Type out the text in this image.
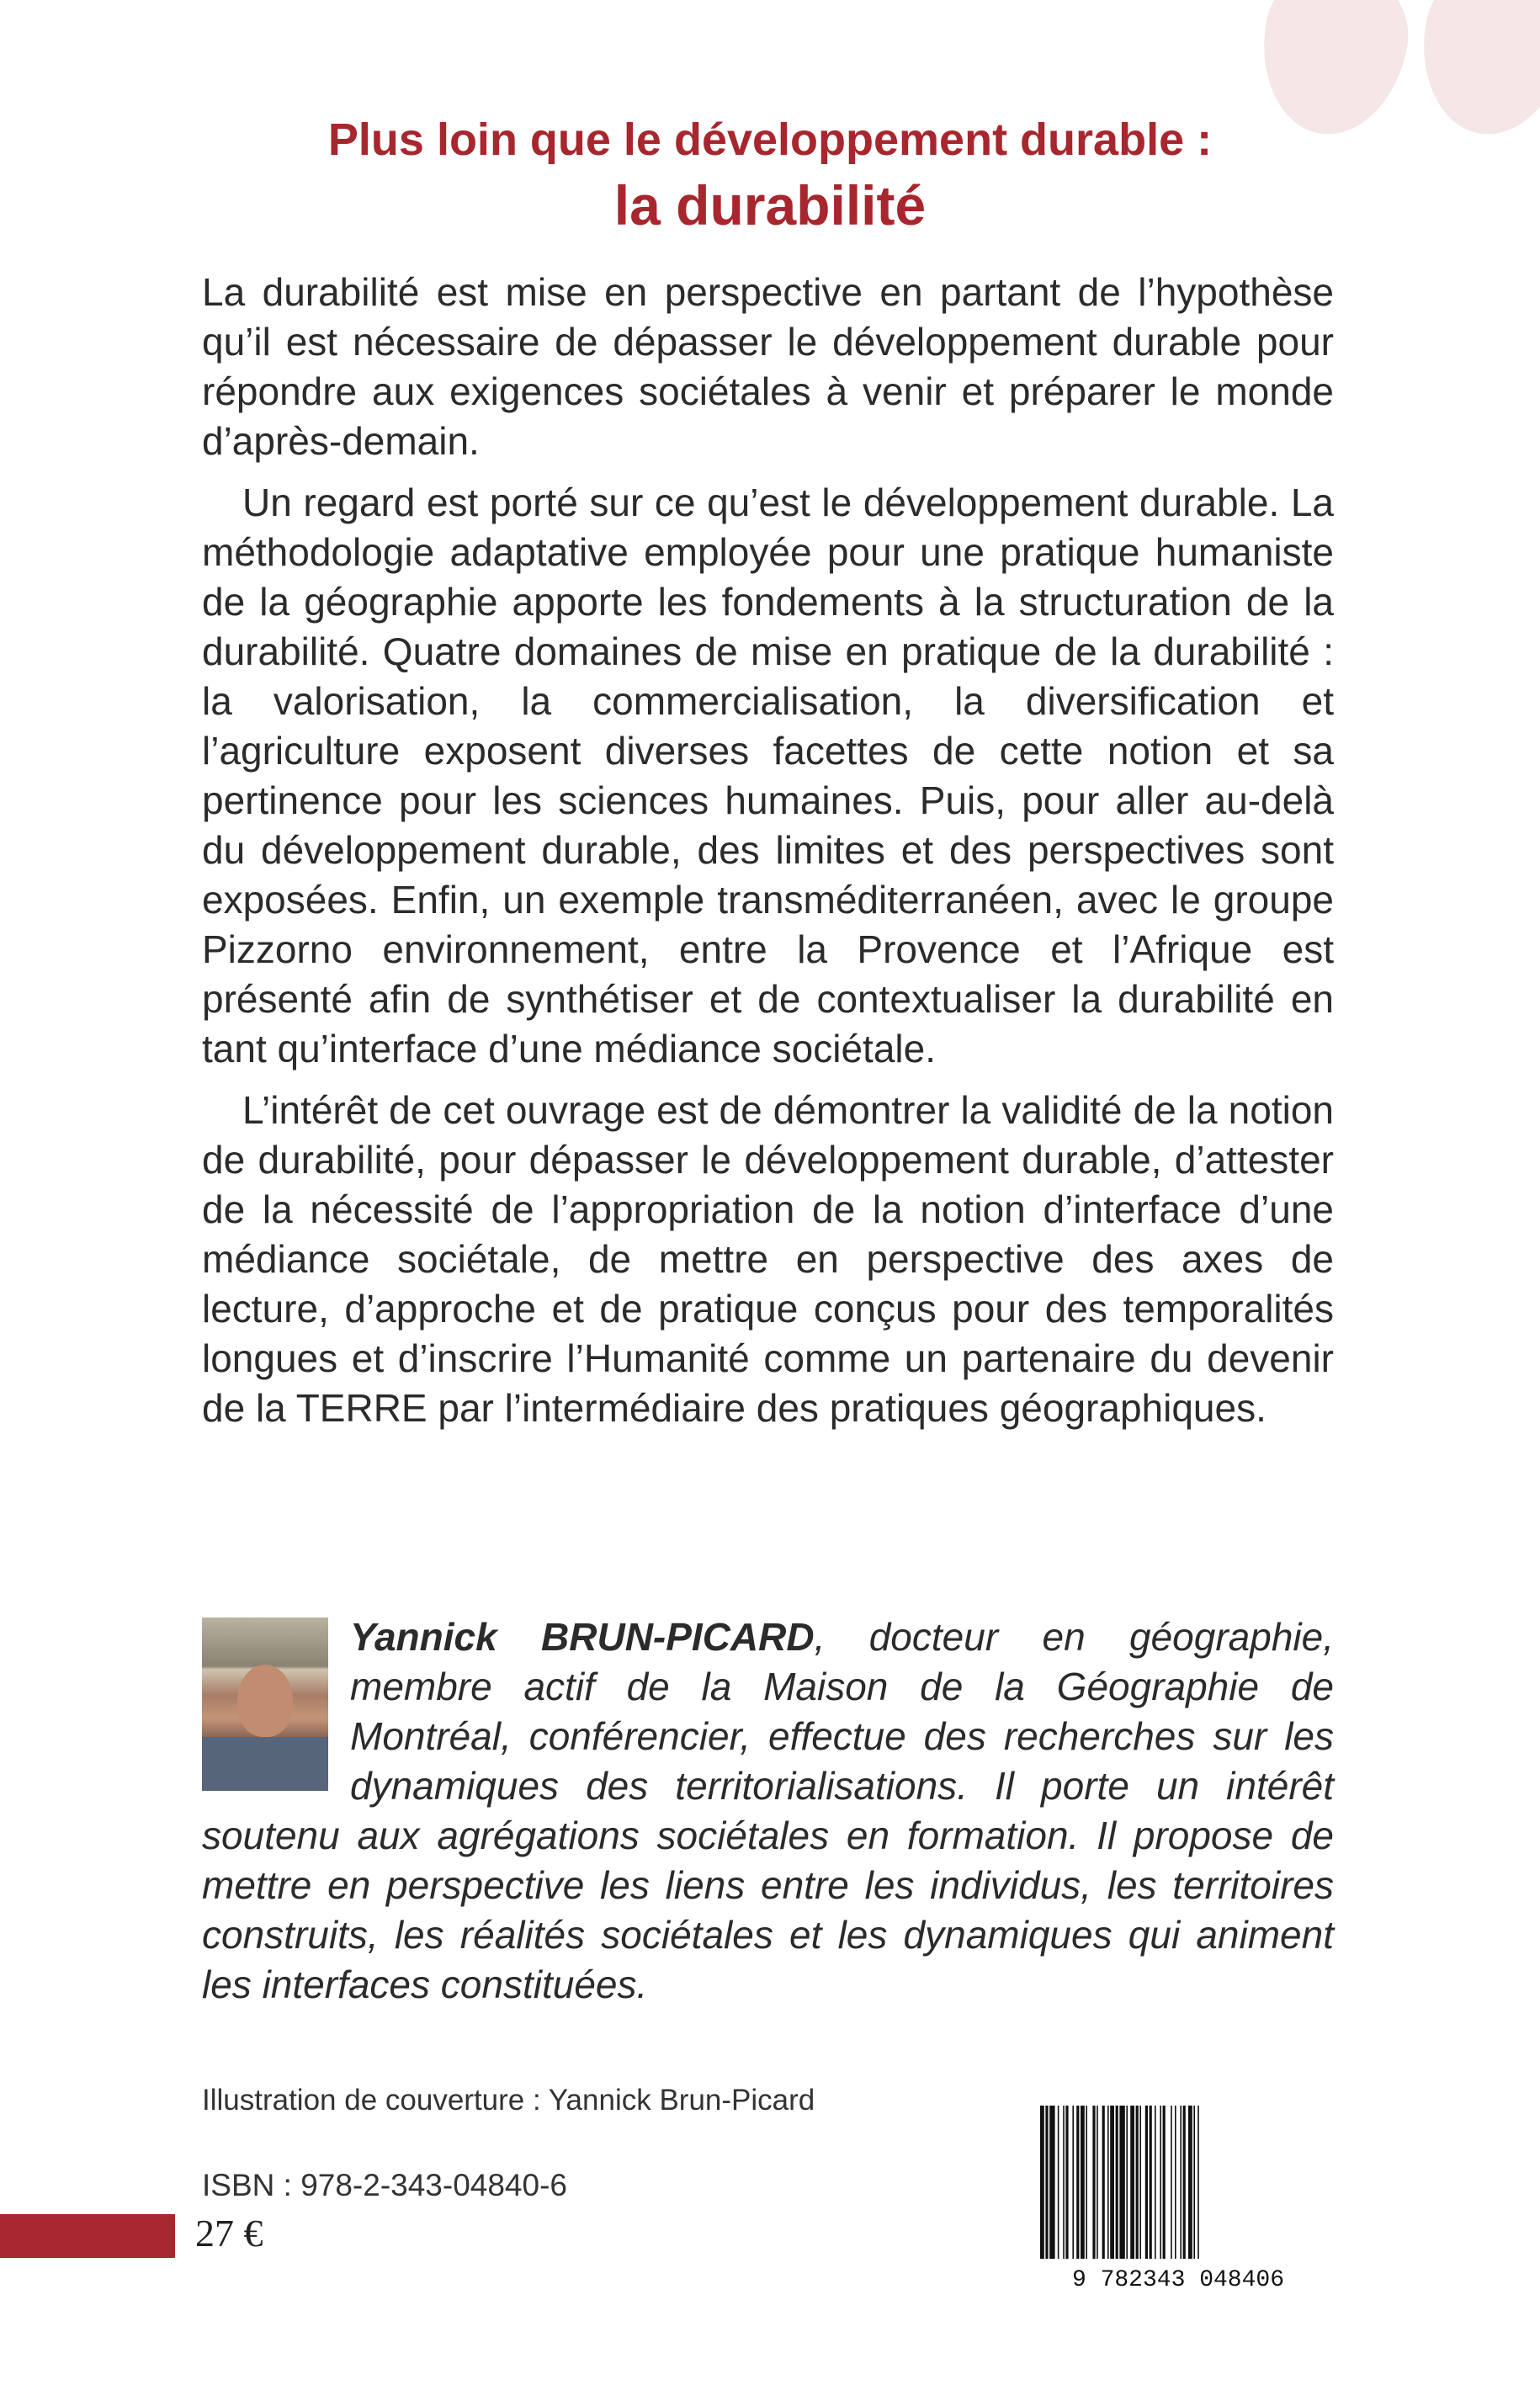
Plus loin que le développement durable :
la durabilité

La durabilité est mise en perspective en partant de l’hypothèse qu’il est nécessaire de dépasser le développement durable pour répondre aux exigences sociétales à venir et préparer le monde d’après-demain.

Un regard est porté sur ce qu’est le développement durable. La méthodologie adaptative employée pour une pratique humaniste de la géographie apporte les fondements à la structuration de la durabilité. Quatre domaines de mise en pratique de la durabilité : la valorisation, la commercialisation, la diversification et l’agriculture exposent diverses facettes de cette notion et sa pertinence pour les sciences humaines. Puis, pour aller au-delà du développement durable, des limites et des perspectives sont exposées. Enfin, un exemple transméditerranéen, avec le groupe Pizzorno environnement, entre la Provence et l’Afrique est présenté afin de synthétiser et de contextualiser la durabilité en tant qu’interface d’une médiance sociétale.

L’intérêt de cet ouvrage est de démontrer la validité de la notion de durabilité, pour dépasser le développement durable, d’attester de la nécessité de l’appropriation de la notion d’interface d’une médiance sociétale, de mettre en perspective des axes de lecture, d’approche et de pratique conçus pour des temporalités longues et d’inscrire l’Humanité comme un partenaire du devenir de la TERRE par l’intermédiaire des pratiques géographiques.

Yannick BRUN-PICARD, docteur en géographie, membre actif de la Maison de la Géographie de Montréal, conférencier, effectue des recherches sur les dynamiques des territorialisations. Il porte un intérêt soutenu aux agrégations sociétales en formation. Il propose de mettre en perspective les liens entre les individus, les territoires construits, les réalités sociétales et les dynamiques qui animent les interfaces constituées.
Illustration de couverture : Yannick Brun-Picard
ISBN : 978-2-343-04840-6
27 €
9 782343 048406
